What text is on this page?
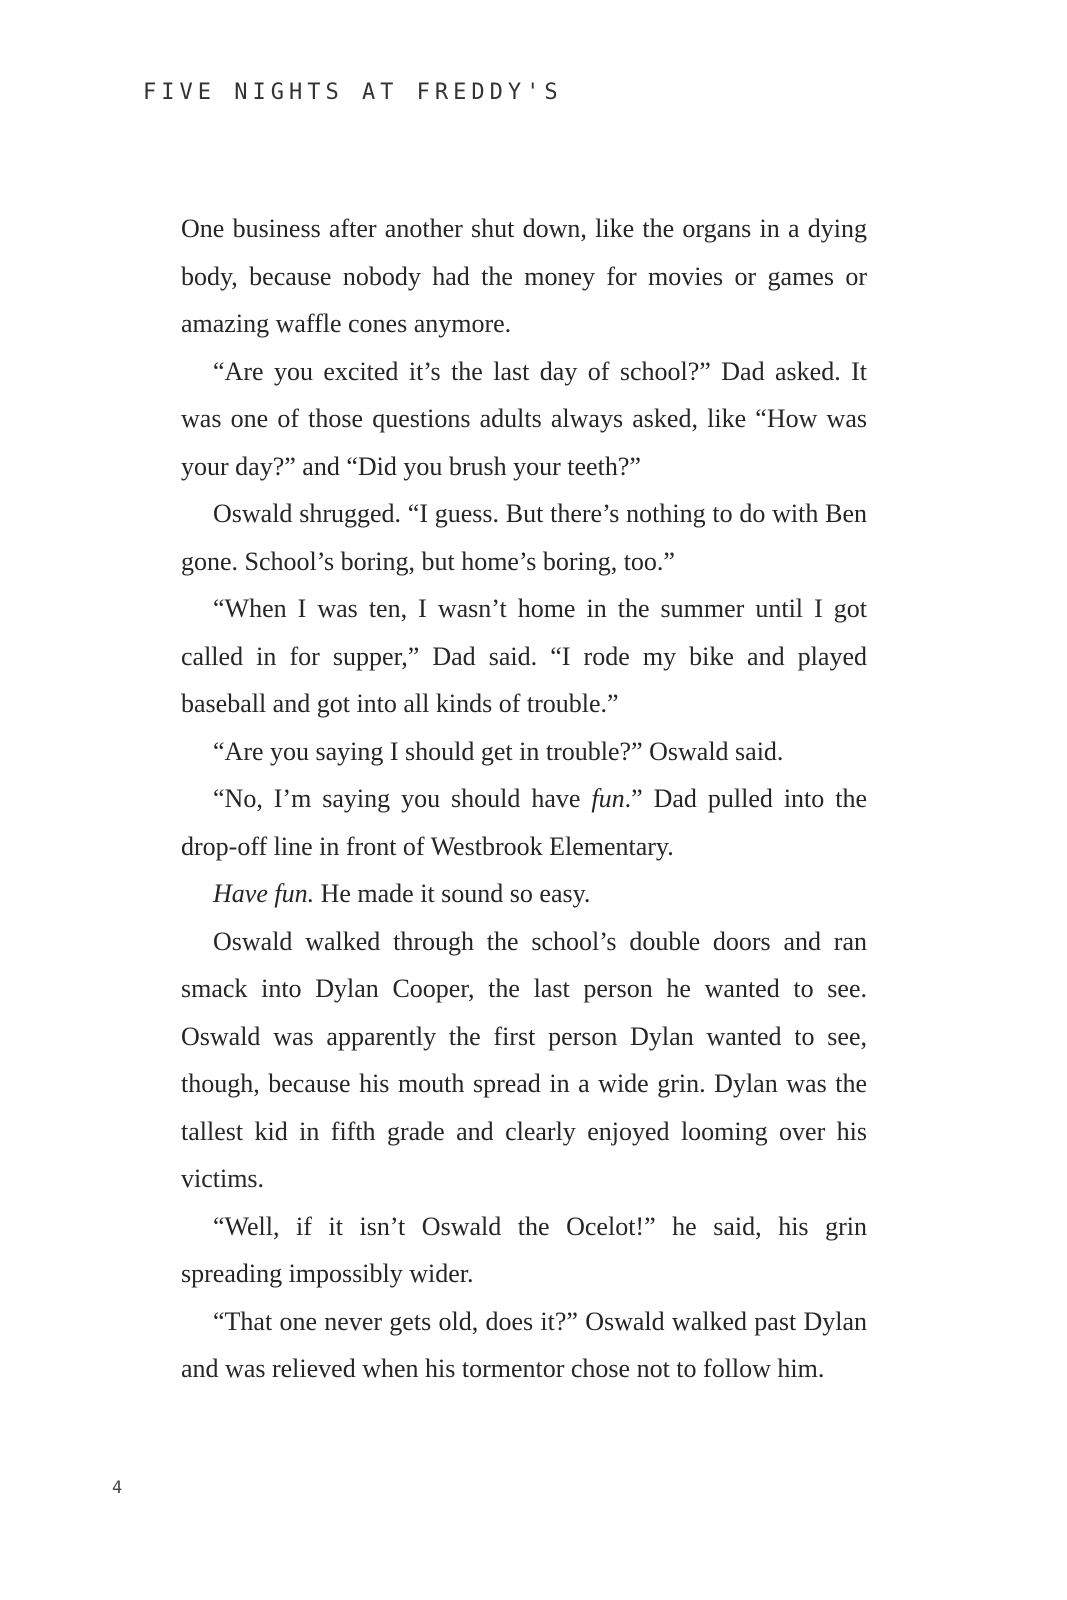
FIVE NIGHTS AT FREDDY'S

One business after another shut down, like the organs in a dying body, because nobody had the money for movies or games or amazing waffle cones anymore.

“Are you excited it’s the last day of school?” Dad asked. It was one of those questions adults always asked, like “How was your day?” and “Did you brush your teeth?”

Oswald shrugged. “I guess. But there’s nothing to do with Ben gone. School’s boring, but home’s boring, too.”

“When I was ten, I wasn’t home in the summer until I got called in for supper,” Dad said. “I rode my bike and played baseball and got into all kinds of trouble.”

“Are you saying I should get in trouble?” Oswald said.

“No, I’m saying you should have fun.” Dad pulled into the drop-off line in front of Westbrook Elementary.

Have fun. He made it sound so easy.

Oswald walked through the school’s double doors and ran smack into Dylan Cooper, the last person he wanted to see. Oswald was apparently the first person Dylan wanted to see, though, because his mouth spread in a wide grin. Dylan was the tallest kid in fifth grade and clearly enjoyed looming over his victims.

“Well, if it isn’t Oswald the Ocelot!” he said, his grin spreading impossibly wider.

“That one never gets old, does it?” Oswald walked past Dylan and was relieved when his tormentor chose not to follow him.

4
